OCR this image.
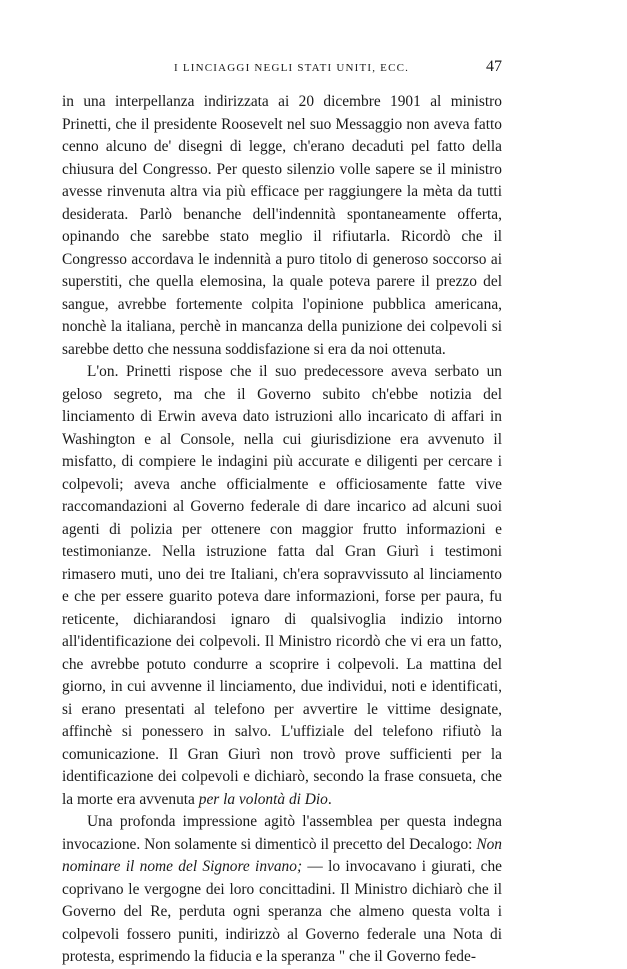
I LINCIAGGI NEGLI STATI UNITI, ECC.	47

in una interpellanza indirizzata ai 20 dicembre 1901 al ministro Prinetti, che il presidente Roosevelt nel suo Messaggio non aveva fatto cenno alcuno de' disegni di legge, ch'erano decaduti pel fatto della chiusura del Congresso. Per questo silenzio volle sapere se il ministro avesse rinvenuta altra via più efficace per raggiungere la mèta da tutti desiderata. Parlò benanche dell'indennità spontaneamente offerta, opinando che sarebbe stato meglio il rifiutarla. Ricordò che il Congresso accordava le indennità a puro titolo di generoso soccorso ai superstiti, che quella elemosina, la quale poteva parere il prezzo del sangue, avrebbe fortemente colpita l'opinione pubblica americana, nonchè la italiana, perchè in mancanza della punizione dei colpevoli si sarebbe detto che nessuna soddisfazione si era da noi ottenuta.

L'on. Prinetti rispose che il suo predecessore aveva serbato un geloso segreto, ma che il Governo subito ch'ebbe notizia del linciamento di Erwin aveva dato istruzioni allo incaricato di affari in Washington e al Console, nella cui giurisdizione era avvenuto il misfatto, di compiere le indagini più accurate e diligenti per cercare i colpevoli; aveva anche officialmente e officiosamente fatte vive raccomandazioni al Governo federale di dare incarico ad alcuni suoi agenti di polizia per ottenere con maggior frutto informazioni e testimonianze. Nella istruzione fatta dal Gran Giurì i testimoni rimasero muti, uno dei tre Italiani, ch'era sopravvissuto al linciamento e che per essere guarito poteva dare informazioni, forse per paura, fu reticente, dichiarandosi ignaro di qualsivoglia indizio intorno all'identificazione dei colpevoli. Il Ministro ricordò che vi era un fatto, che avrebbe potuto condurre a scoprire i colpevoli. La mattina del giorno, in cui avvenne il linciamento, due individui, noti e identificati, si erano presentati al telefono per avvertire le vittime designate, affinchè si ponessero in salvo. L'uffiziale del telefono rifiutò la comunicazione. Il Gran Giurì non trovò prove sufficienti per la identificazione dei colpevoli e dichiarò, secondo la frase consueta, che la morte era avvenuta per la volontà di Dio.

Una profonda impressione agitò l'assemblea per questa indegna invocazione. Non solamente si dimenticò il precetto del Decalogo: Non nominare il nome del Signore invano; — lo invocavano i giurati, che coprivano le vergogne dei loro concittadini. Il Ministro dichiarò che il Governo del Re, perduta ogni speranza che almeno questa volta i colpevoli fossero puniti, indirizzò al Governo federale una Nota di protesta, esprimendo la fiducia e la speranza " che il Governo fede-
